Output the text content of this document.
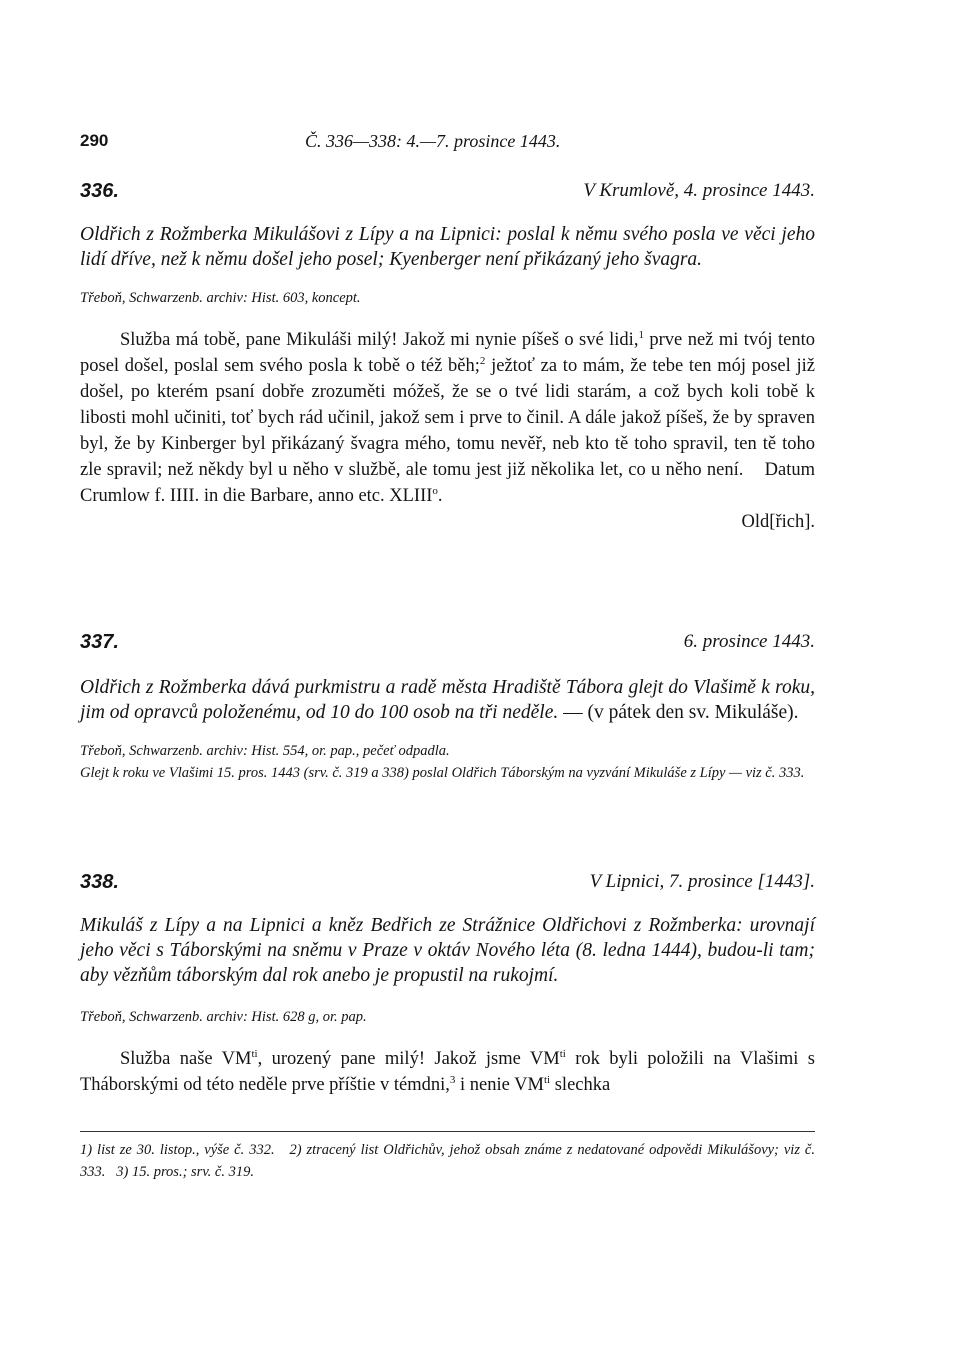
290	Č. 336—338: 4.—7. prosince 1443.
336.	V Krumlově, 4. prosince 1443.

Oldřich z Rožmberka Mikulášovi z Lípy a na Lipnici: poslal k němu svého posla ve věci jeho lidí dříve, než k němu došel jeho posel; Kyenberger není přikázaný jeho švagra.

Třeboň, Schwarzenb. archiv: Hist. 603, koncept.

Služba má tobě, pane Mikuláši milý! Jakož mi nynie píšeš o své lidi,$^1$ prve než mi tvój tento posel došel, poslal sem svého posla k tobě o též běh;$^2$ ježtoť za to mám, že tebe ten mój posel již došel, po kterém psaní dobře zrozuměti móžeš, že se o tvé lidi starám, a což bych koli tobě k libosti mohl učiniti, toť bych rád učinil, jakož sem i prve to činil. A dále jakož píšeš, že by spraven byl, že by Kinberger byl přikázaný švagra mého, tomu nevěř, neb kto tě toho spravil, ten tě toho zle spravil; než někdy byl u něho v službě, ale tomu jest již několika let, co u něho není. Datum Crumlow f. IIII. in die Barbare, anno etc. XLIII$^o$.

Old[řich].

337.	6. prosince 1443.

Oldřich z Rožmberka dává purkmistru a radě města Hradiště Tábora glejt do Vlašimě k roku, jim od opravců položenému, od 10 do 100 osob na tři neděle. — (v pátek den sv. Mikuláše).

Třeboň, Schwarzenb. archiv: Hist. 554, or. pap., pečeť odpadla.

Glejt k roku ve Vlašimi 15. pros. 1443 (srv. č. 319 a 338) poslal Oldřich Táborským na vyzvání Mikuláše z Lípy — viz č. 333.

338.	V Lipnici, 7. prosince [1443].

Mikuláš z Lípy a na Lipnici a kněz Bedřich ze Strážnice Oldřichovi z Rožmberka: urovnají jeho věci s Táborskými na sněmu v Praze v oktáv Nového léta (8. ledna 1444), budou-li tam; aby vězňům táborským dal rok anebo je propustil na rukojmí.

Třeboň, Schwarzenb. archiv: Hist. 628 g, or. pap.

Služba naše $VM^{ti}$, urozený pane milý! Jakož jsme $VM^{ti}$ rok byli položili na Vlašimi s Tháborskými od této neděle prve příštie v témdni,$^3$ i nenie $VM^{ti}$ slechka

1) list ze 30. listop., výše č. 332. 2) ztracený list Oldřichův, jehož obsah známe z nedatované odpovědi Mikulášovy; viz č. 333. 3) 15. pros.; srv. č. 319.
